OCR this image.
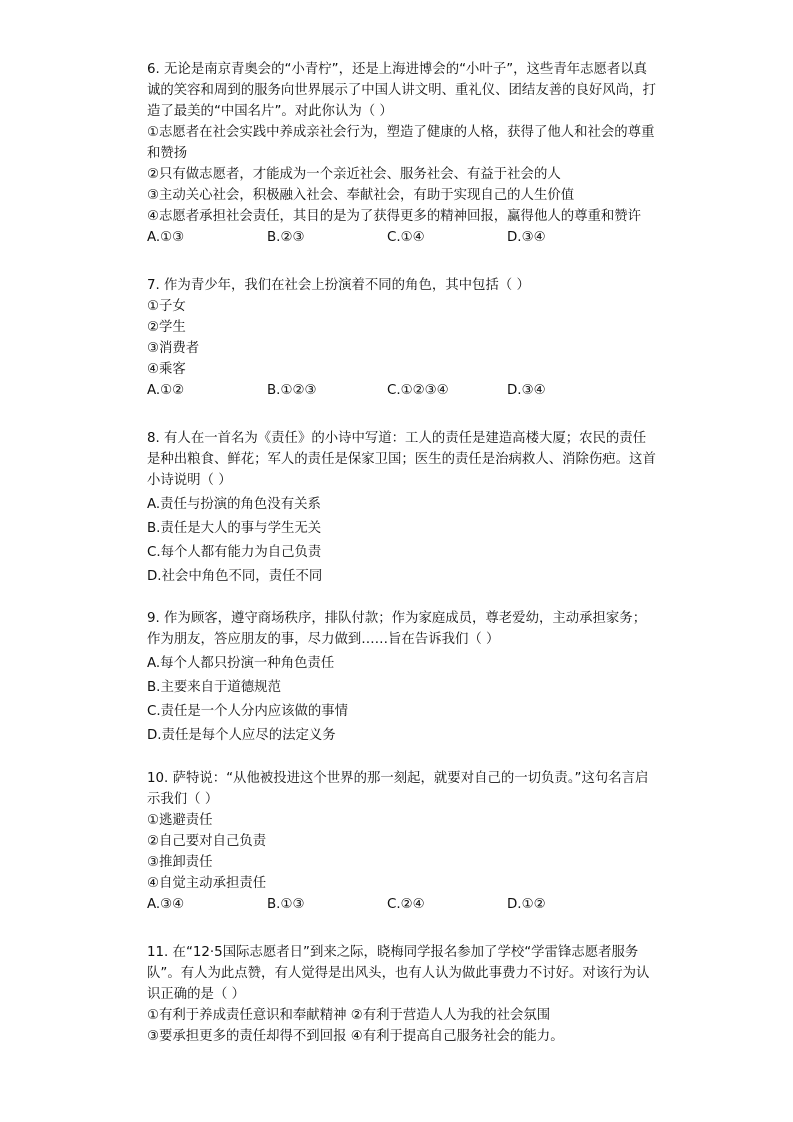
6. 无论是南京青奥会的“小青柠”，还是上海进博会的“小叶子”，这些青年志愿者以真
诚的笑容和周到的服务向世界展示了中国人讲文明、重礼仪、团结友善的良好风尚，打
造了最美的“中国名片”。对此你认为（ ）
①志愿者在社会实践中养成亲社会行为，塑造了健康的人格，获得了他人和社会的尊重
和赞扬
②只有做志愿者，才能成为一个亲近社会、服务社会、有益于社会的人
③主动关心社会，积极融入社会、奉献社会，有助于实现自己的人生价值
④志愿者承担社会责任，其目的是为了获得更多的精神回报，赢得他人的尊重和赞许
A.①③	B.②③	C.①④	D.③④
7. 作为青少年，我们在社会上扮演着不同的角色，其中包括（ ）
①子女
②学生
③消费者
④乘客
A.①②	B.①②③	C.①②③④	D.③④
8. 有人在一首名为《责任》的小诗中写道：工人的责任是建造高楼大厦；农民的责任
是种出粮食、鲜花；军人的责任是保家卫国；医生的责任是治病救人、消除伤疤。这首
小诗说明（ ）
A.责任与扮演的角色没有关系
B.责任是大人的事与学生无关
C.每个人都有能力为自己负责
D.社会中角色不同，责任不同
9. 作为顾客，遵守商场秩序，排队付款；作为家庭成员，尊老爱幼，主动承担家务；
作为朋友，答应朋友的事，尽力做到……旨在告诉我们（ ）
A.每个人都只扮演一种角色责任
B.主要来自于道德规范
C.责任是一个人分内应该做的事情
D.责任是每个人应尽的法定义务
10. 萨特说：“从他被投进这个世界的那一刻起，就要对自己的一切负责。”这句名言启
示我们（ ）
①逃避责任
②自己要对自己负责
③推卸责任
④自觉主动承担责任
A.③④	B.①③	C.②④	D.①②
11. 在“12·5国际志愿者日”到来之际，晓梅同学报名参加了学校“学雷锋志愿者服务
队”。有人为此点赞，有人觉得是出风头，也有人认为做此事费力不讨好。对该行为认
识正确的是（ ）
①有利于养成责任意识和奉献精神 ②有利于营造人人为我的社会氛围
③要承担更多的责任却得不到回报 ④有利于提高自己服务社会的能力。
